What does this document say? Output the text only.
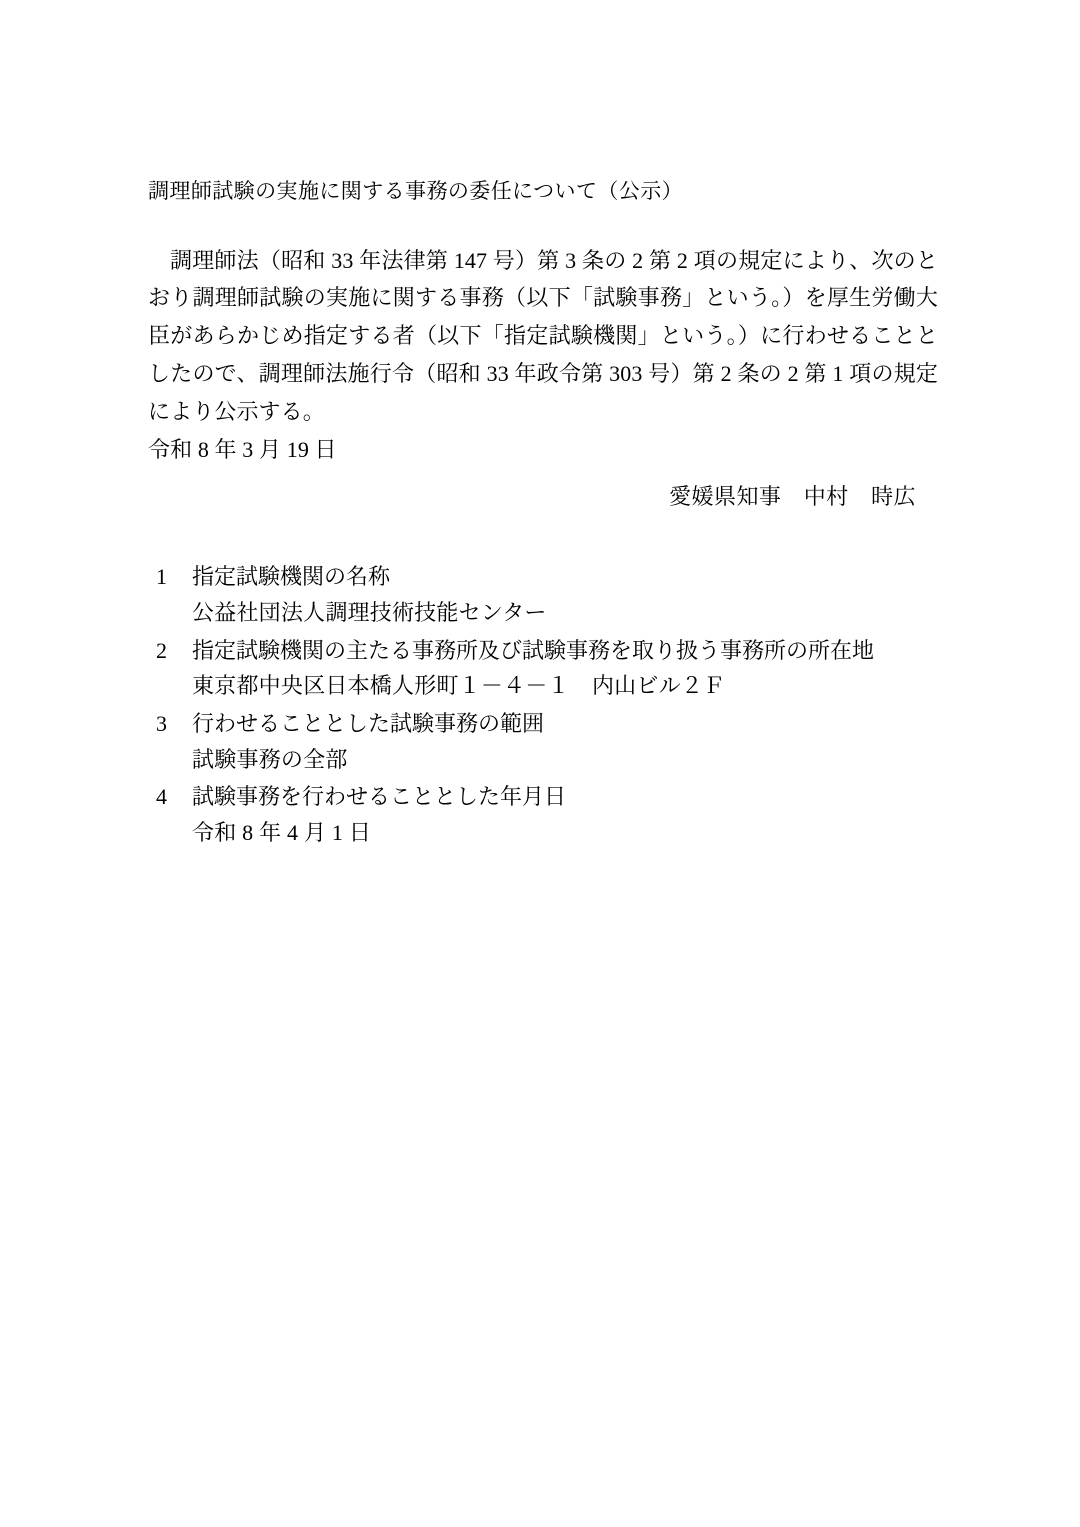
調理師試験の実施に関する事務の委任について（公示）

調理師法（昭和 33 年法律第 147 号）第 3 条の 2 第 2 項の規定により、次のとおり調理師試験の実施に関する事務（以下「試験事務」という。）を厚生労働大臣があらかじめ指定する者（以下「指定試験機関」という。）に行わせることとしたので、調理師法施行令（昭和 33 年政令第 303 号）第 2 条の 2 第 1 項の規定により公示する。

令和 8 年 3 月 19 日

愛媛県知事　中村　時広
1	指定試験機関の名称
公益社団法人調理技術技能センター
2	指定試験機関の主たる事務所及び試験事務を取り扱う事務所の所在地
東京都中央区日本橋人形町１－４－１　内山ビル２Ｆ
3	行わせることとした試験事務の範囲
試験事務の全部
4	試験事務を行わせることとした年月日
令和 8 年 4 月 1 日
